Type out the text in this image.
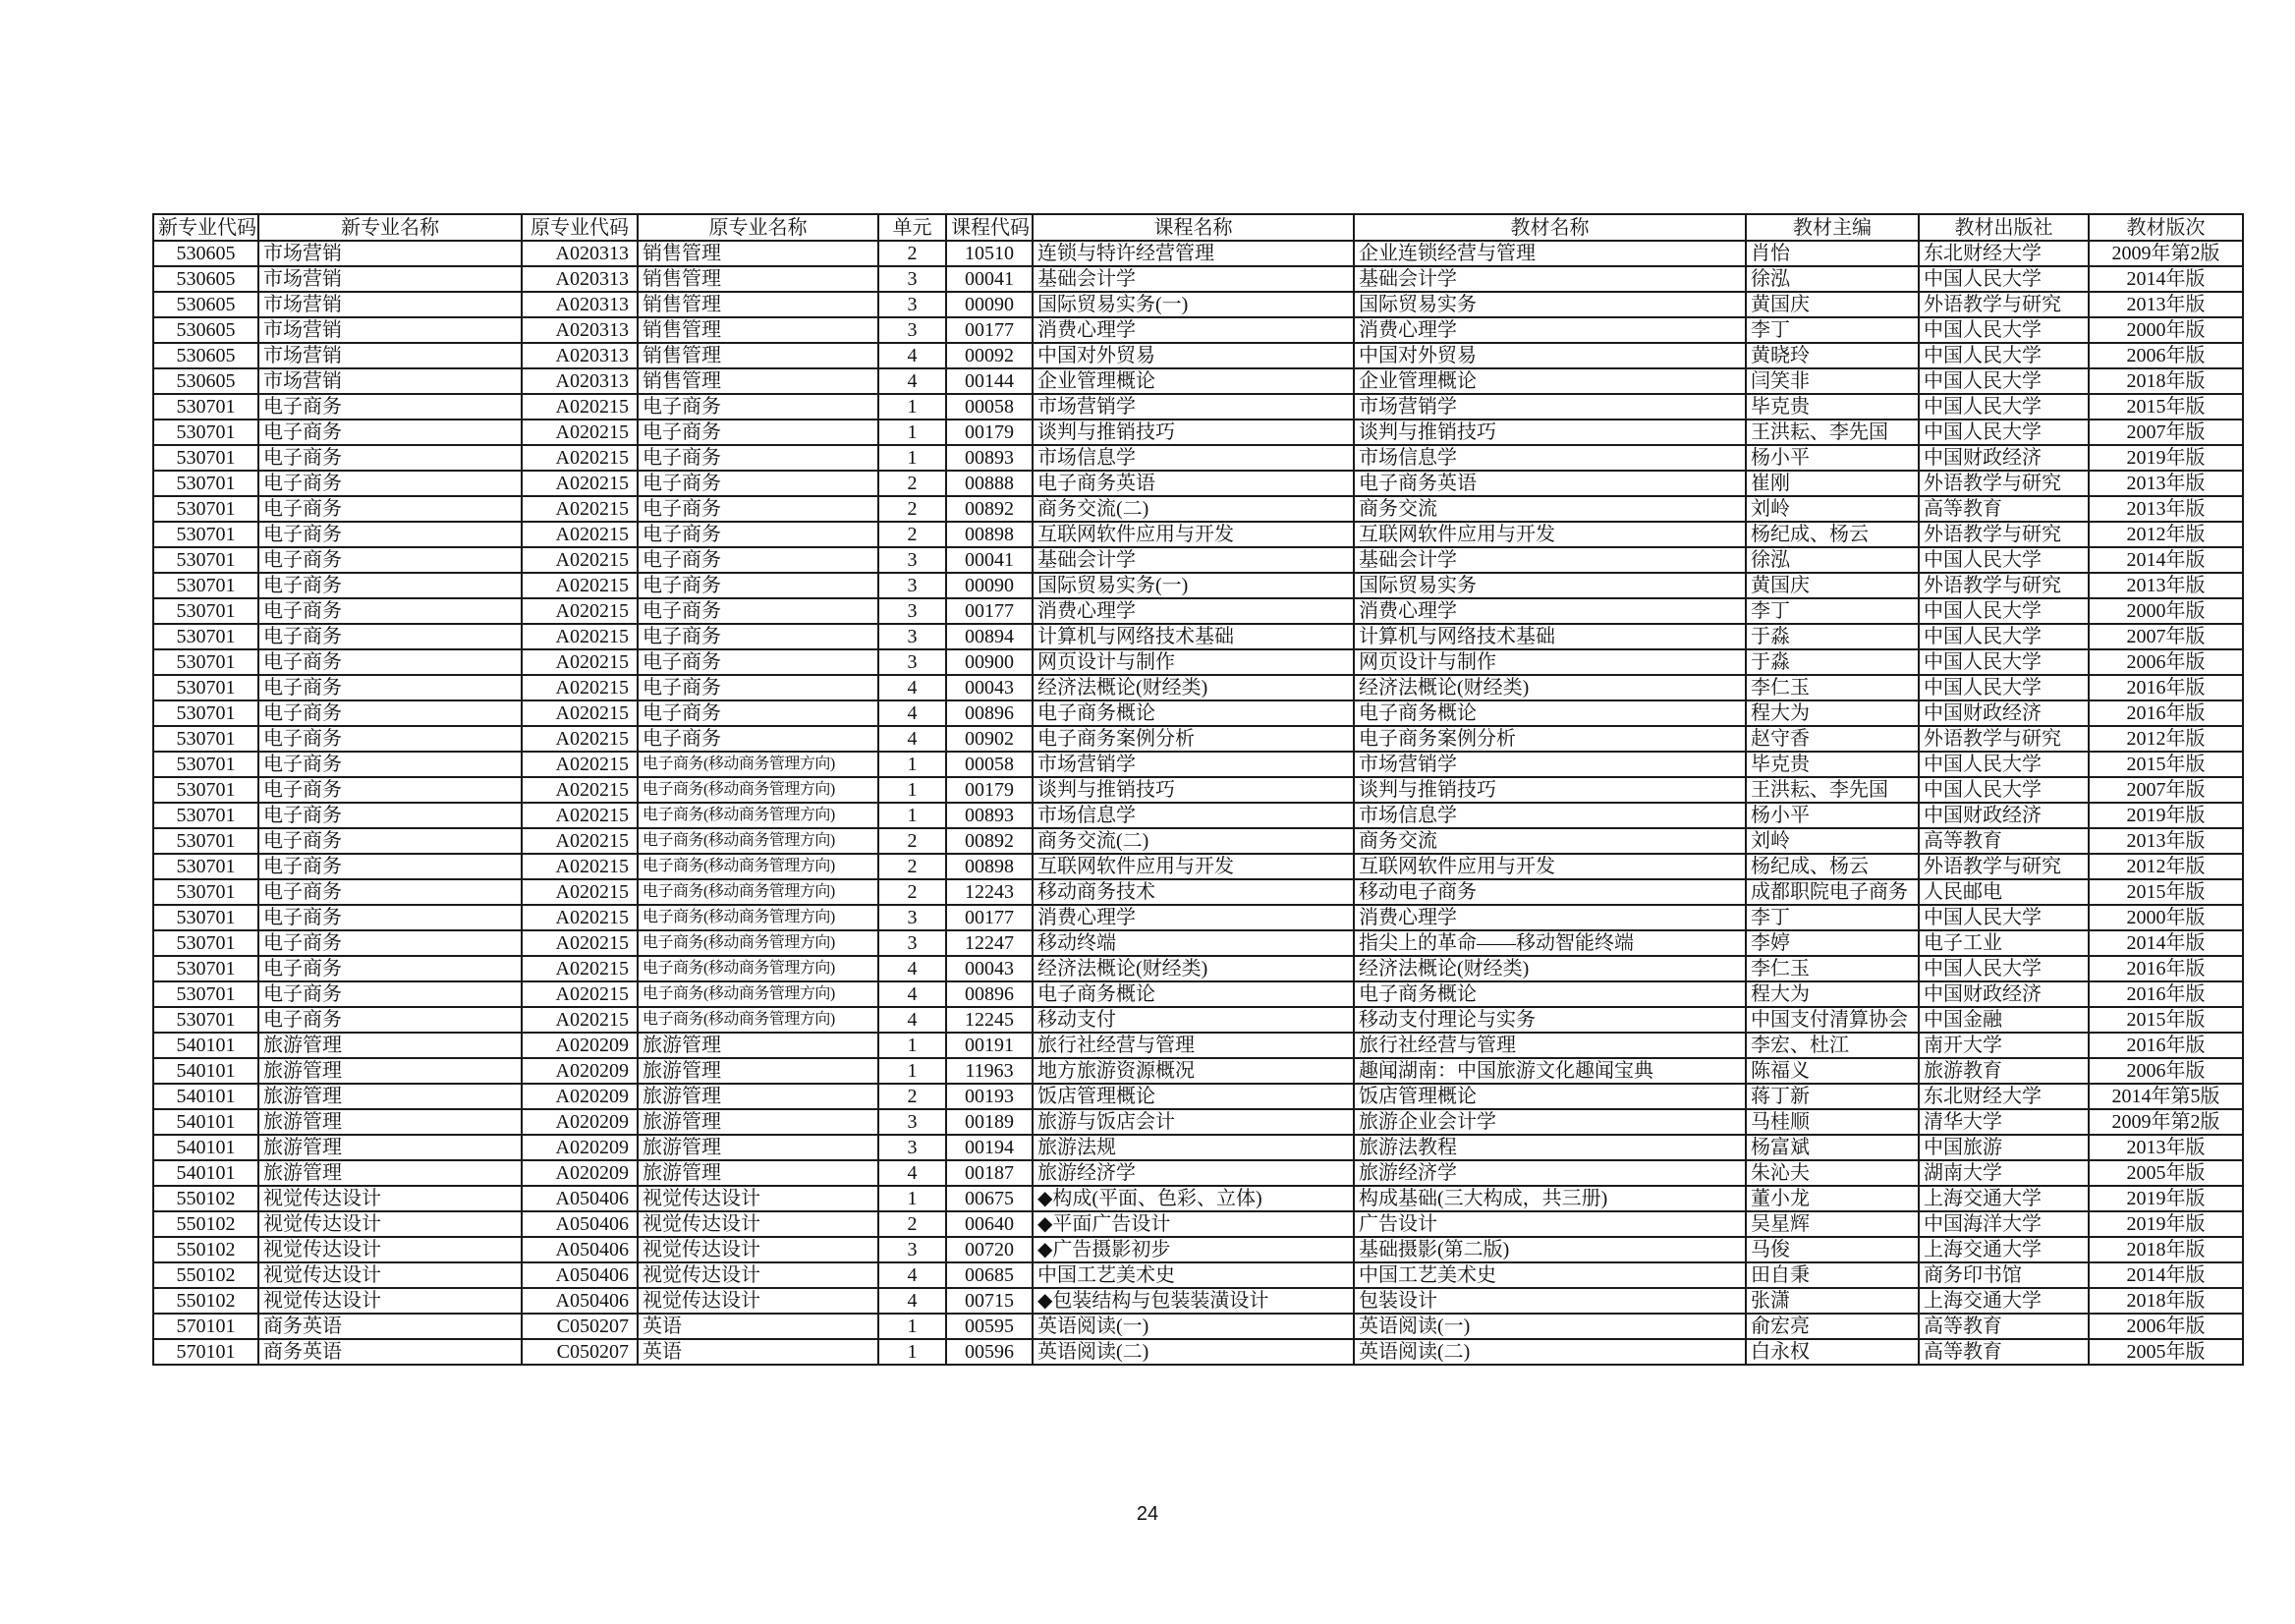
新专业代码	新专业名称	原专业代码	原专业名称	单元	课程代码	课程名称	教材名称	教材主编	教材出版社	教材版次
530605	市场营销	A020313	销售管理	2	10510	连锁与特许经营管理	企业连锁经营与管理	肖怡	东北财经大学	2009年第2版
530605	市场营销	A020313	销售管理	3	00041	基础会计学	基础会计学	徐泓	中国人民大学	2014年版
530605	市场营销	A020313	销售管理	3	00090	国际贸易实务(一)	国际贸易实务	黄国庆	外语教学与研究	2013年版
530605	市场营销	A020313	销售管理	3	00177	消费心理学	消费心理学	李丁	中国人民大学	2000年版
530605	市场营销	A020313	销售管理	4	00092	中国对外贸易	中国对外贸易	黄晓玲	中国人民大学	2006年版
530605	市场营销	A020313	销售管理	4	00144	企业管理概论	企业管理概论	闫笑非	中国人民大学	2018年版
530701	电子商务	A020215	电子商务	1	00058	市场营销学	市场营销学	毕克贵	中国人民大学	2015年版
530701	电子商务	A020215	电子商务	1	00179	谈判与推销技巧	谈判与推销技巧	王洪耘、李先国	中国人民大学	2007年版
530701	电子商务	A020215	电子商务	1	00893	市场信息学	市场信息学	杨小平	中国财政经济	2019年版
530701	电子商务	A020215	电子商务	2	00888	电子商务英语	电子商务英语	崔刚	外语教学与研究	2013年版
530701	电子商务	A020215	电子商务	2	00892	商务交流(二)	商务交流	刘岭	高等教育	2013年版
530701	电子商务	A020215	电子商务	2	00898	互联网软件应用与开发	互联网软件应用与开发	杨纪成、杨云	外语教学与研究	2012年版
530701	电子商务	A020215	电子商务	3	00041	基础会计学	基础会计学	徐泓	中国人民大学	2014年版
530701	电子商务	A020215	电子商务	3	00090	国际贸易实务(一)	国际贸易实务	黄国庆	外语教学与研究	2013年版
530701	电子商务	A020215	电子商务	3	00177	消费心理学	消费心理学	李丁	中国人民大学	2000年版
530701	电子商务	A020215	电子商务	3	00894	计算机与网络技术基础	计算机与网络技术基础	于淼	中国人民大学	2007年版
530701	电子商务	A020215	电子商务	3	00900	网页设计与制作	网页设计与制作	于淼	中国人民大学	2006年版
530701	电子商务	A020215	电子商务	4	00043	经济法概论(财经类)	经济法概论(财经类)	李仁玉	中国人民大学	2016年版
530701	电子商务	A020215	电子商务	4	00896	电子商务概论	电子商务概论	程大为	中国财政经济	2016年版
530701	电子商务	A020215	电子商务	4	00902	电子商务案例分析	电子商务案例分析	赵守香	外语教学与研究	2012年版
530701	电子商务	A020215	电子商务(移动商务管理方向)	1	00058	市场营销学	市场营销学	毕克贵	中国人民大学	2015年版
530701	电子商务	A020215	电子商务(移动商务管理方向)	1	00179	谈判与推销技巧	谈判与推销技巧	王洪耘、李先国	中国人民大学	2007年版
530701	电子商务	A020215	电子商务(移动商务管理方向)	1	00893	市场信息学	市场信息学	杨小平	中国财政经济	2019年版
530701	电子商务	A020215	电子商务(移动商务管理方向)	2	00892	商务交流(二)	商务交流	刘岭	高等教育	2013年版
530701	电子商务	A020215	电子商务(移动商务管理方向)	2	00898	互联网软件应用与开发	互联网软件应用与开发	杨纪成、杨云	外语教学与研究	2012年版
530701	电子商务	A020215	电子商务(移动商务管理方向)	2	12243	移动商务技术	移动电子商务	成都职院电子商务	人民邮电	2015年版
530701	电子商务	A020215	电子商务(移动商务管理方向)	3	00177	消费心理学	消费心理学	李丁	中国人民大学	2000年版
530701	电子商务	A020215	电子商务(移动商务管理方向)	3	12247	移动终端	指尖上的革命——移动智能终端	李婷	电子工业	2014年版
530701	电子商务	A020215	电子商务(移动商务管理方向)	4	00043	经济法概论(财经类)	经济法概论(财经类)	李仁玉	中国人民大学	2016年版
530701	电子商务	A020215	电子商务(移动商务管理方向)	4	00896	电子商务概论	电子商务概论	程大为	中国财政经济	2016年版
530701	电子商务	A020215	电子商务(移动商务管理方向)	4	12245	移动支付	移动支付理论与实务	中国支付清算协会	中国金融	2015年版
540101	旅游管理	A020209	旅游管理	1	00191	旅行社经营与管理	旅行社经营与管理	李宏、杜江	南开大学	2016年版
540101	旅游管理	A020209	旅游管理	1	11963	地方旅游资源概况	趣闻湖南：中国旅游文化趣闻宝典	陈福义	旅游教育	2006年版
540101	旅游管理	A020209	旅游管理	2	00193	饭店管理概论	饭店管理概论	蒋丁新	东北财经大学	2014年第5版
540101	旅游管理	A020209	旅游管理	3	00189	旅游与饭店会计	旅游企业会计学	马桂顺	清华大学	2009年第2版
540101	旅游管理	A020209	旅游管理	3	00194	旅游法规	旅游法教程	杨富斌	中国旅游	2013年版
540101	旅游管理	A020209	旅游管理	4	00187	旅游经济学	旅游经济学	朱沁夫	湖南大学	2005年版
550102	视觉传达设计	A050406	视觉传达设计	1	00675	◆构成(平面、色彩、立体)	构成基础(三大构成，共三册)	董小龙	上海交通大学	2019年版
550102	视觉传达设计	A050406	视觉传达设计	2	00640	◆平面广告设计	广告设计	吴星辉	中国海洋大学	2019年版
550102	视觉传达设计	A050406	视觉传达设计	3	00720	◆广告摄影初步	基础摄影(第二版)	马俊	上海交通大学	2018年版
550102	视觉传达设计	A050406	视觉传达设计	4	00685	中国工艺美术史	中国工艺美术史	田自秉	商务印书馆	2014年版
550102	视觉传达设计	A050406	视觉传达设计	4	00715	◆包装结构与包装装潢设计	包装设计	张潇	上海交通大学	2018年版
570101	商务英语	C050207	英语	1	00595	英语阅读(一)	英语阅读(一)	俞宏亮	高等教育	2006年版
570101	商务英语	C050207	英语	1	00596	英语阅读(二)	英语阅读(二)	白永权	高等教育	2005年版
24
